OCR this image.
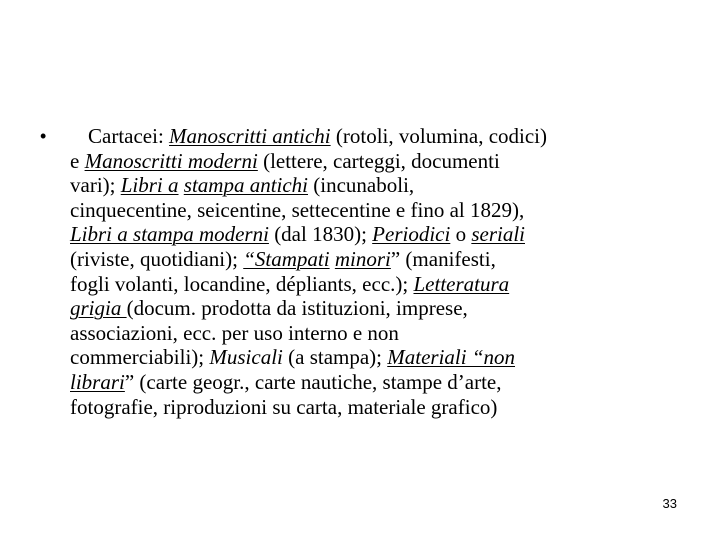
•	Cartacei: Manoscritti antichi (rotoli, volumina, codici)
e Manoscritti moderni (lettere, carteggi, documenti
vari); Libri a stampa antichi (incunaboli,
cinquecentine, seicentine, settecentine e fino al 1829),
Libri a stampa moderni (dal 1830); Periodici o seriali
(riviste, quotidiani); “Stampati minori” (manifesti,
fogli volanti, locandine, dépliants, ecc.); Letteratura
grigia (docum. prodotta da istituzioni, imprese,
associazioni, ecc. per uso interno e non
commerciabili); Musicali (a stampa); Materiali “non
librari” (carte geogr., carte nautiche, stampe d’arte,
fotografie, riproduzioni su carta, materiale grafico)
33
